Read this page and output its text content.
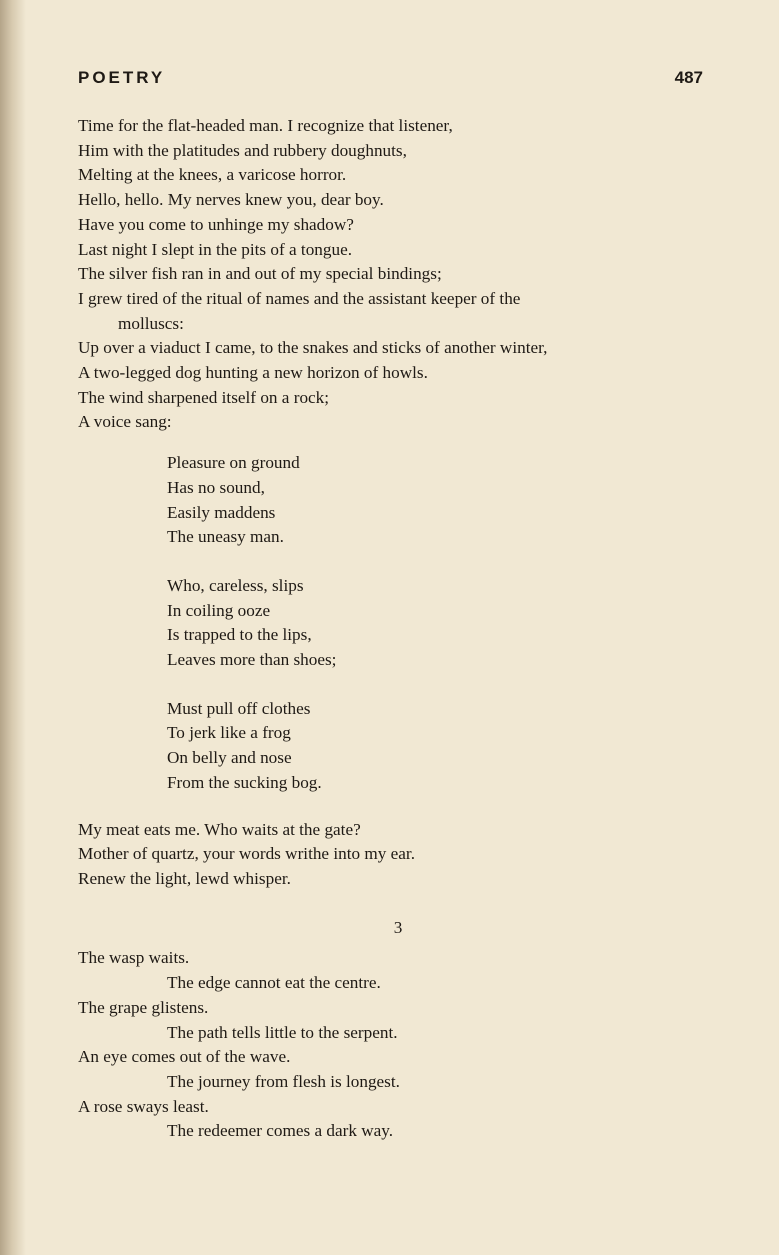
POETRY	487
Time for the flat-headed man. I recognize that listener,
Him with the platitudes and rubbery doughnuts,
Melting at the knees, a varicose horror.
Hello, hello. My nerves knew you, dear boy.
Have you come to unhinge my shadow?
Last night I slept in the pits of a tongue.
The silver fish ran in and out of my special bindings;
I grew tired of the ritual of names and the assistant keeper of the
molluscs:
Up over a viaduct I came, to the snakes and sticks of another winter,
A two-legged dog hunting a new horizon of howls.
The wind sharpened itself on a rock;
A voice sang:
Pleasure on ground
Has no sound,
Easily maddens
The uneasy man.
Who, careless, slips
In coiling ooze
Is trapped to the lips,
Leaves more than shoes;
Must pull off clothes
To jerk like a frog
On belly and nose
From the sucking bog.
My meat eats me. Who waits at the gate?
Mother of quartz, your words writhe into my ear.
Renew the light, lewd whisper.
3
The wasp waits.
The edge cannot eat the centre.
The grape glistens.
The path tells little to the serpent.
An eye comes out of the wave.
The journey from flesh is longest.
A rose sways least.
The redeemer comes a dark way.
